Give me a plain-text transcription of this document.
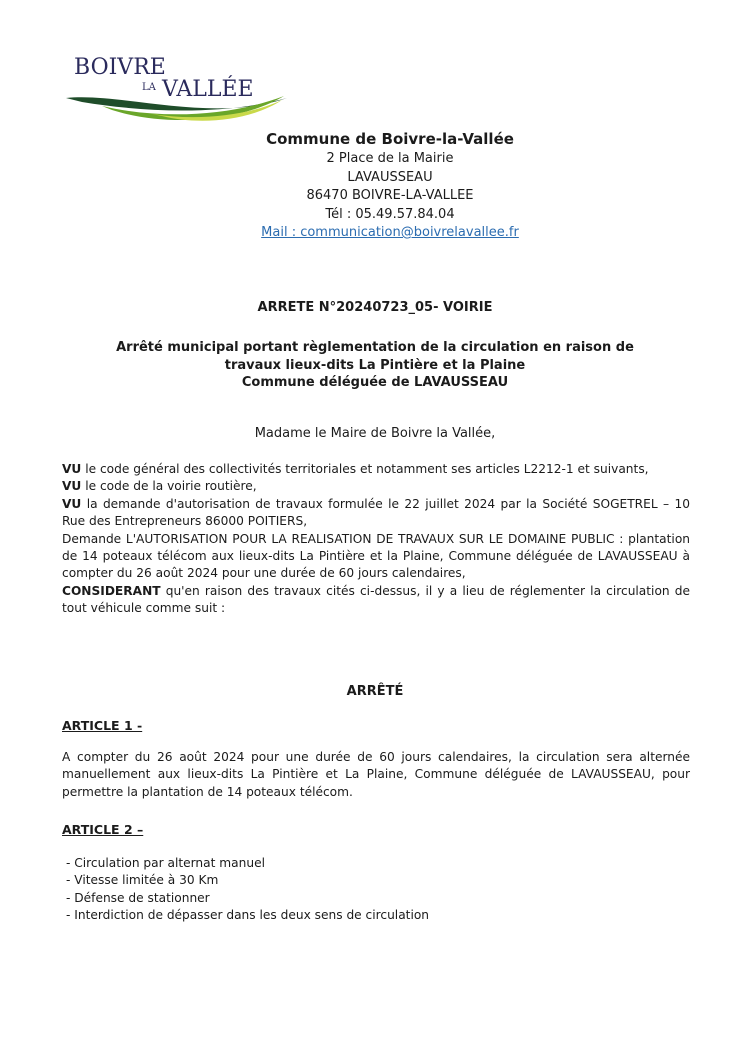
BOIVRE
LA VALLÉE
Commune de Boivre-la-Vallée
2 Place de la Mairie
LAVAUSSEAU
86470 BOIVRE-LA-VALLEE
Tél : 05.49.57.84.04
Mail : communication@boivrelavallee.fr
ARRETE N°20240723_05- VOIRIE
Arrêté municipal portant règlementation de la circulation en raison de
travaux lieux-dits La Pintière et la Plaine
Commune déléguée de LAVAUSSEAU
Madame le Maire de Boivre la Vallée,

VU le code général des collectivités territoriales et notamment ses articles L2212-1 et suivants,

VU le code de la voirie routière,

VU la demande d'autorisation de travaux formulée le 22 juillet 2024 par la Société SOGETREL – 10 Rue des Entrepreneurs 86000 POITIERS,

Demande L'AUTORISATION POUR LA REALISATION DE TRAVAUX SUR LE DOMAINE PUBLIC : plantation de 14 poteaux télécom aux lieux-dits La Pintière et la Plaine, Commune déléguée de LAVAUSSEAU à compter du 26 août 2024 pour une durée de 60 jours calendaires,

CONSIDERANT qu'en raison des travaux cités ci-dessus, il y a lieu de réglementer la circulation de tout véhicule comme suit :

ARRÊTÉ
ARTICLE 1 -
A compter du 26 août 2024 pour une durée de 60 jours calendaires, la circulation sera alternée manuellement aux lieux-dits La Pintière et La Plaine, Commune déléguée de LAVAUSSEAU, pour permettre la plantation de 14 poteaux télécom.
ARTICLE 2 –
- Circulation par alternat manuel
- Vitesse limitée à 30 Km
- Défense de stationner
- Interdiction de dépasser dans les deux sens de circulation
